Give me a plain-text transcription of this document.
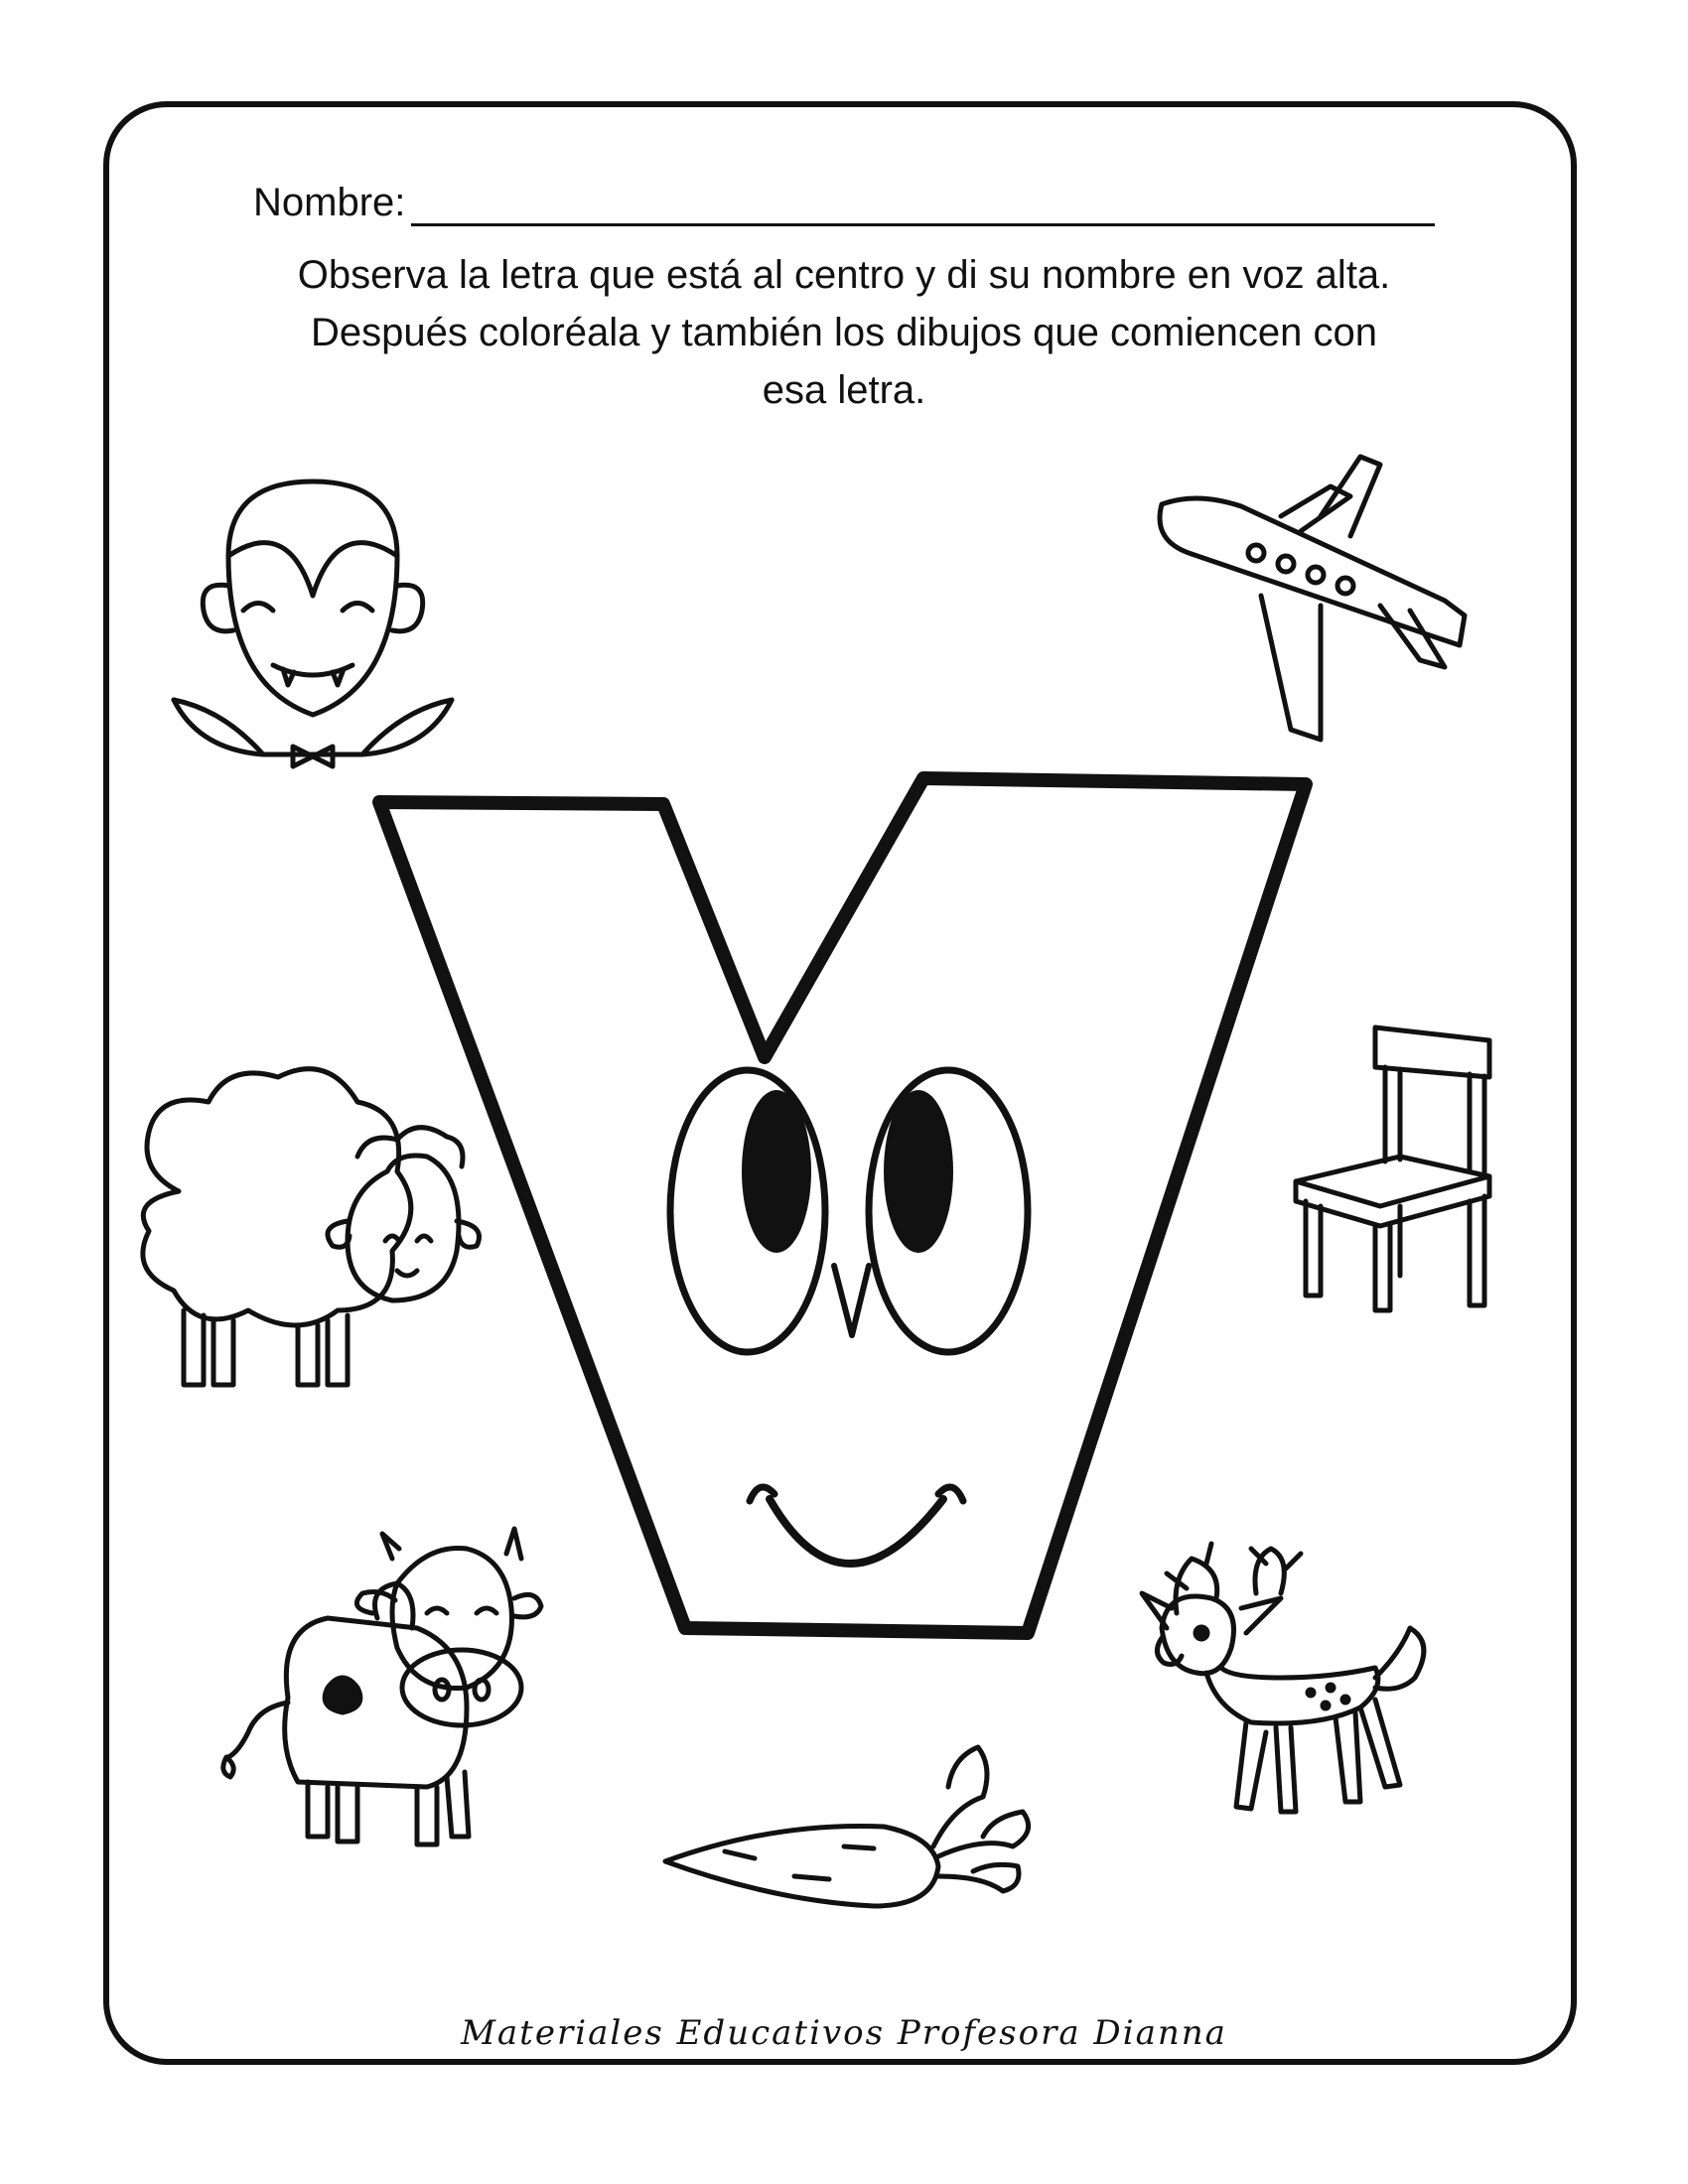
Nombre:
Observa la letra que está al centro y di su nombre en voz alta.
Después coloréala y también los dibujos que comiencen con
esa letra.
Materiales Educativos Profesora Dianna
